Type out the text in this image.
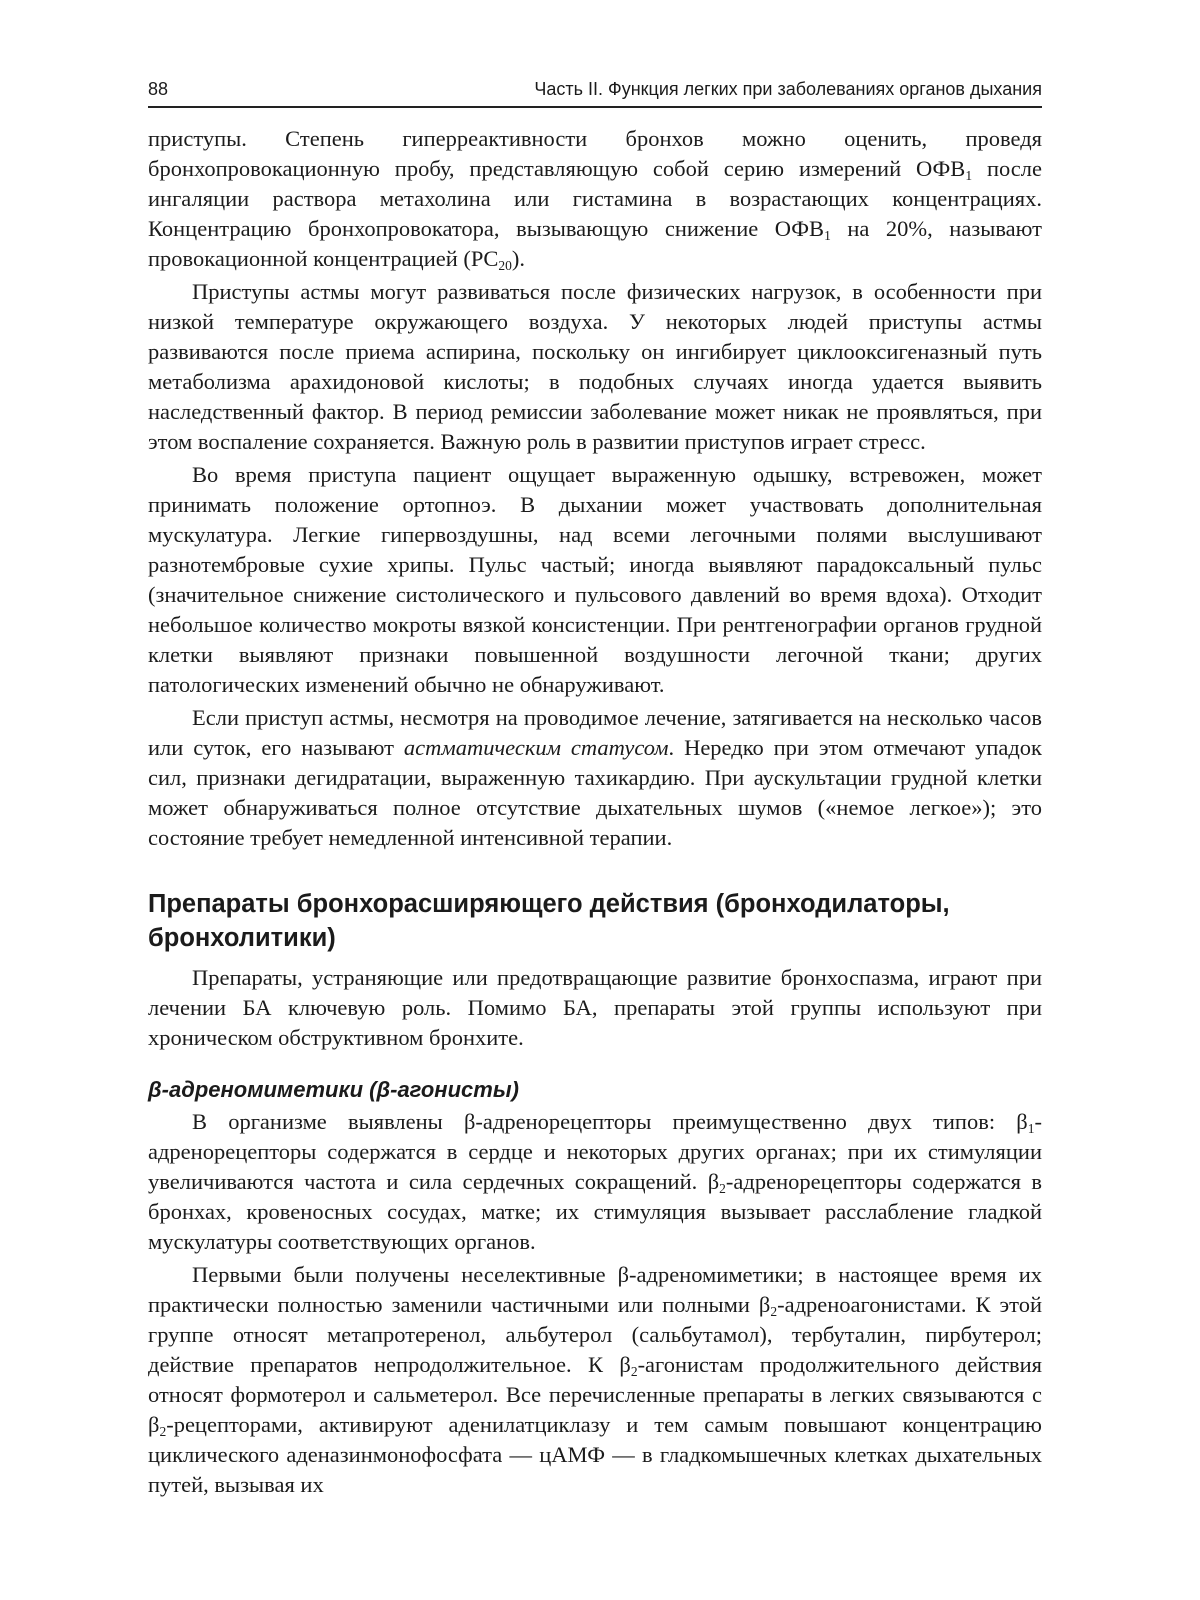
88	Часть II. Функция легких при заболеваниях органов дыхания

приступы. Степень гиперреактивности бронхов можно оценить, проведя бронхопровокационную пробу, представляющую собой серию измерений $ОФВ_1$ после ингаляции раствора метахолина или гистамина в возрастающих концентрациях. Концентрацию бронхопровокатора, вызывающую снижение $ОФВ_1$ на 20%, называют провокационной концентрацией $(PC_{20})$.

Приступы астмы могут развиваться после физических нагрузок, в особенности при низкой температуре окружающего воздуха. У некоторых людей приступы астмы развиваются после приема аспирина, поскольку он ингибирует циклооксигеназный путь метаболизма арахидоновой кислоты; в подобных случаях иногда удается выявить наследственный фактор. В период ремиссии заболевание может никак не проявляться, при этом воспаление сохраняется. Важную роль в развитии приступов играет стресс.

Во время приступа пациент ощущает выраженную одышку, встревожен, может принимать положение ортопноэ. В дыхании может участвовать дополнительная мускулатура. Легкие гипервоздушны, над всеми легочными полями выслушивают разнотембровые сухие хрипы. Пульс частый; иногда выявляют парадоксальный пульс (значительное снижение систолического и пульсового давлений во время вдоха). Отходит небольшое количество мокроты вязкой консистенции. При рентгенографии органов грудной клетки выявляют признаки повышенной воздушности легочной ткани; других патологических изменений обычно не обнаруживают.

Если приступ астмы, несмотря на проводимое лечение, затягивается на несколько часов или суток, его называют астматическим статусом. Нередко при этом отмечают упадок сил, признаки дегидратации, выраженную тахикардию. При аускультации грудной клетки может обнаруживаться полное отсутствие дыхательных шумов («немое легкое»); это состояние требует немедленной интенсивной терапии.

Препараты бронхорасширяющего действия (бронходилаторы, бронхолитики)

Препараты, устраняющие или предотвращающие развитие бронхоспазма, играют при лечении БА ключевую роль. Помимо БА, препараты этой группы используют при хроническом обструктивном бронхите.

β-адреномиметики (β-агонисты)

В организме выявлены β-адренорецепторы преимущественно двух типов: $\beta_1$-адренорецепторы содержатся в сердце и некоторых других органах; при их стимуляции увеличиваются частота и сила сердечных сокращений. $\beta_2$-адренорецепторы содержатся в бронхах, кровеносных сосудах, матке; их стимуляция вызывает расслабление гладкой мускулатуры соответствующих органов.

Первыми были получены неселективные β-адреномиметики; в настоящее время их практически полностью заменили частичными или полными $\beta_2$-адреноагонистами. К этой группе относят метапротеренол, альбутерол (сальбутамол), тербуталин, пирбутерол; действие препаратов непродолжительное. К $\beta_2$-агонистам продолжительного действия относят формотерол и сальметерол. Все перечисленные препараты в легких связываются с $\beta_2$-рецепторами, активируют аденилатциклазу и тем самым повышают концентрацию циклического аденазинмонофосфата — цАМФ — в гладкомышечных клетках дыхательных путей, вызывая их
